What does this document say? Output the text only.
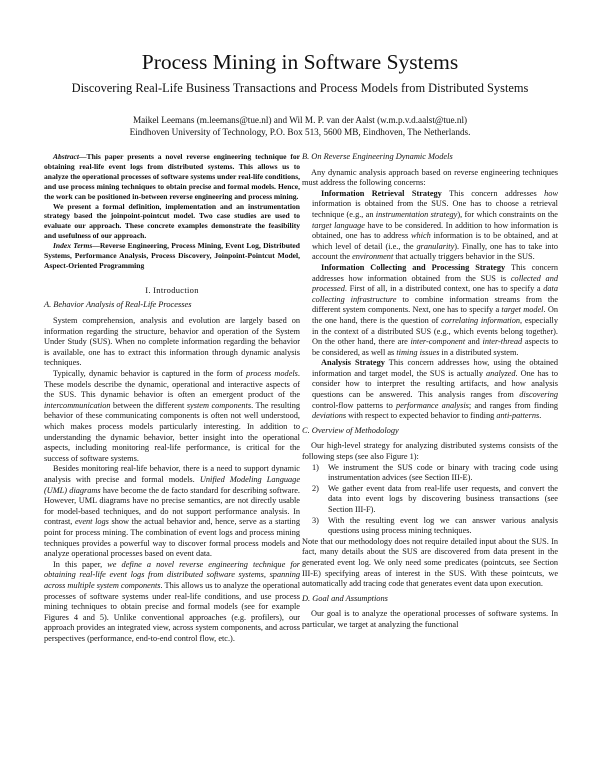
Process Mining in Software Systems
Discovering Real-Life Business Transactions and Process Models from Distributed Systems
Maikel Leemans (m.leemans@tue.nl) and Wil M. P. van der Aalst (w.m.p.v.d.aalst@tue.nl)
Eindhoven University of Technology, P.O. Box 513, 5600 MB, Eindhoven, The Netherlands.

Abstract—This paper presents a novel reverse engineering technique for obtaining real-life event logs from distributed systems. This allows us to analyze the operational processes of software systems under real-life conditions, and use process mining techniques to obtain precise and formal models. Hence, the work can be positioned in-between reverse engineering and process mining.

We present a formal definition, implementation and an instrumentation strategy based the joinpoint-pointcut model. Two case studies are used to evaluate our approach. These concrete examples demonstrate the feasibility and usefulness of our approach.

Index Terms—Reverse Engineering, Process Mining, Event Log, Distributed Systems, Performance Analysis, Process Discovery, Joinpoint-Pointcut Model, Aspect-Oriented Programming

I. Introduction
A. Behavior Analysis of Real-Life Processes

System comprehension, analysis and evolution are largely based on information regarding the structure, behavior and operation of the System Under Study (SUS). When no complete information regarding the behavior is available, one has to extract this information through dynamic analysis techniques.

Typically, dynamic behavior is captured in the form of process models. These models describe the dynamic, operational and interactive aspects of the SUS. This dynamic behavior is often an emergent product of the intercommunication between the different system components. The resulting behavior of these communicating components is often not well understood, which makes process models particularly interesting. In addition to understanding the dynamic behavior, better insight into the operational aspects, including monitoring real-life performance, is critical for the success of software systems.

Besides monitoring real-life behavior, there is a need to support dynamic analysis with precise and formal models. Unified Modeling Language (UML) diagrams have become the de facto standard for describing software. However, UML diagrams have no precise semantics, are not directly usable for model-based techniques, and do not support performance analysis. In contrast, event logs show the actual behavior and, hence, serve as a starting point for process mining. The combination of event logs and process mining techniques provides a powerful way to discover formal process models and analyze operational processes based on event data.

In this paper, we define a novel reverse engineering technique for obtaining real-life event logs from distributed software systems, spanning across multiple system components. This allows us to analyze the operational processes of software systems under real-life conditions, and use process mining techniques to obtain precise and formal models (see for example Figures 4 and 5). Unlike conventional approaches (e.g. profilers), our approach provides an integrated view, across system components, and across perspectives (performance, end-to-end control flow, etc.).

B. On Reverse Engineering Dynamic Models

Any dynamic analysis approach based on reverse engineering techniques must address the following concerns:

Information Retrieval Strategy This concern addresses how information is obtained from the SUS. One has to choose a retrieval technique (e.g., an instrumentation strategy), for which constraints on the target language have to be considered. In addition to how information is obtained, one has to address which information is to be obtained, and at which level of detail (i.e., the granularity). Finally, one has to take into account the environment that actually triggers behavior in the SUS.

Information Collecting and Processing Strategy This concern addresses how information obtained from the SUS is collected and processed. First of all, in a distributed context, one has to specify a data collecting infrastructure to combine information streams from the different system components. Next, one has to specify a target model. On the one hand, there is the question of correlating information, especially in the context of a distributed SUS (e.g., which events belong together). On the other hand, there are inter-component and inter-thread aspects to be considered, as well as timing issues in a distributed system.

Analysis Strategy This concern addresses how, using the obtained information and target model, the SUS is actually analyzed. One has to consider how to interpret the resulting artifacts, and how analysis questions can be answered. This analysis ranges from discovering control-flow patterns to performance analysis; and ranges from finding deviations with respect to expected behavior to finding anti-patterns.

C. Overview of Methodology

Our high-level strategy for analyzing distributed systems consists of the following steps (see also Figure 1):

1) We instrument the SUS code or binary with tracing code using instrumentation advices (see Section III-E).
2) We gather event data from real-life user requests, and convert the data into event logs by discovering business transactions (see Section III-F).
3) With the resulting event log we can answer various analysis questions using process mining techniques.

Note that our methodology does not require detailed input about the SUS. In fact, many details about the SUS are discovered from data present in the generated event log. We only need some predicates (pointcuts, see Section III-E) specifying areas of interest in the SUS. With these pointcuts, we automatically add tracing code that generates event data upon execution.

D. Goal and Assumptions

Our goal is to analyze the operational processes of software systems. In particular, we target at analyzing the functional
